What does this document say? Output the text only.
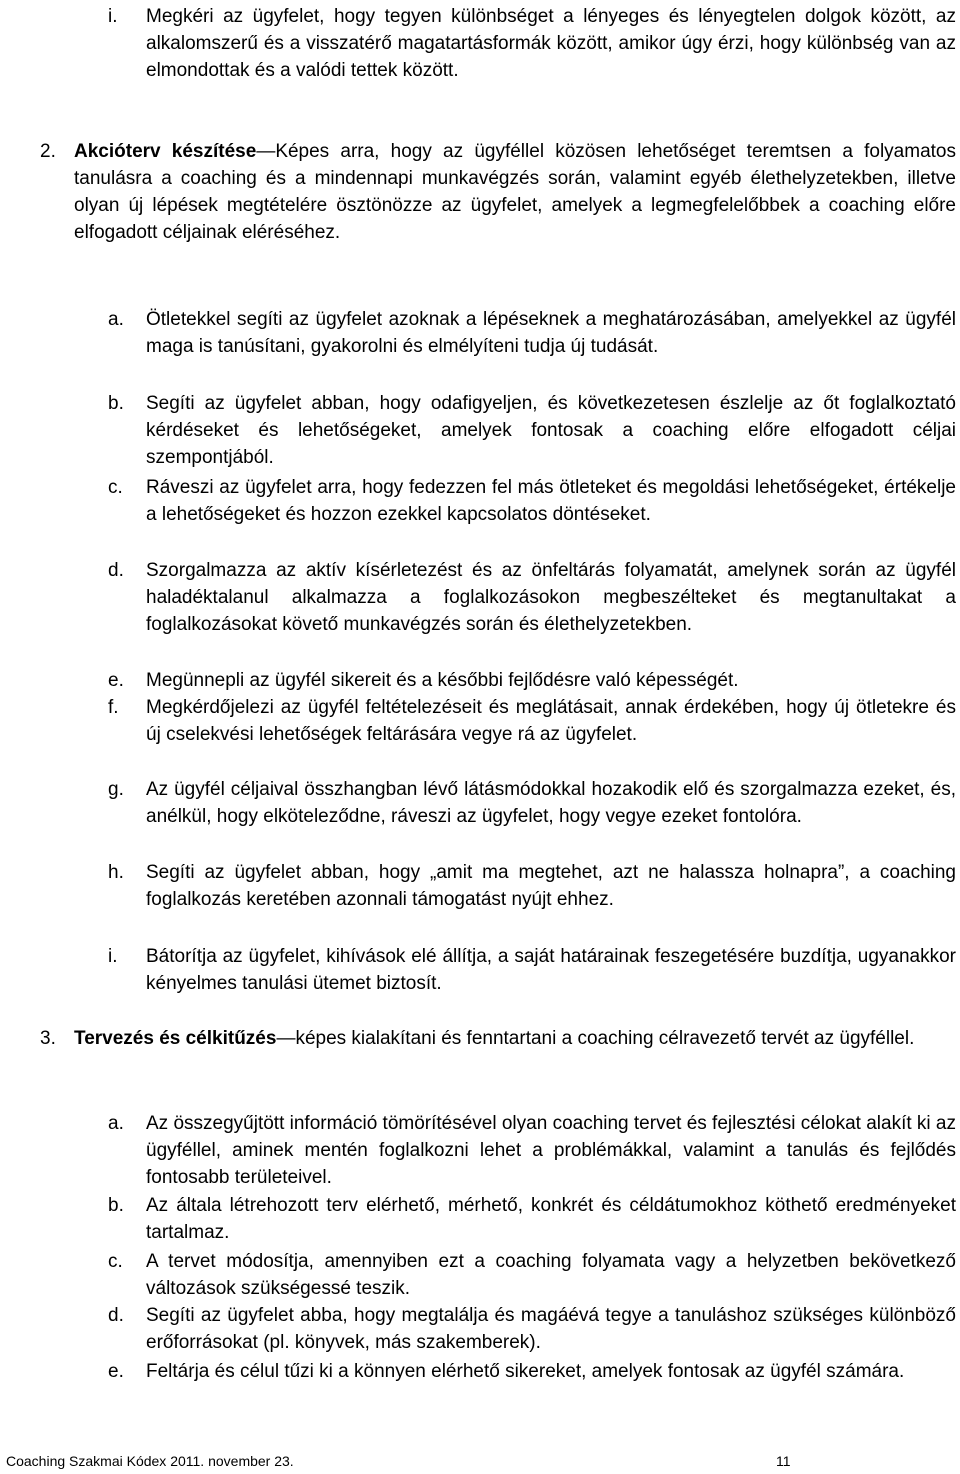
i. Megkéri az ügyfelet, hogy tegyen különbséget a lényeges és lényegtelen dolgok között, az alkalomszerű és a visszatérő magatartásformák között, amikor úgy érzi, hogy különbség van az elmondottak és a valódi tettek között.

2. Akcióterv készítése—Képes arra, hogy az ügyféllel közösen lehetőséget teremtsen a folyamatos tanulásra a coaching és a mindennapi munkavégzés során, valamint egyéb élethelyzetekben, illetve olyan új lépések megtételére ösztönözze az ügyfelet, amelyek a legmegfelelőbbek a coaching előre elfogadott céljainak eléréséhez.

a. Ötletekkel segíti az ügyfelet azoknak a lépéseknek a meghatározásában, amelyekkel az ügyfél maga is tanúsítani, gyakorolni és elmélyíteni tudja új tudását.

b. Segíti az ügyfelet abban, hogy odafigyeljen, és következetesen észlelje az őt foglalkoztató kérdéseket és lehetőségeket, amelyek fontosak a coaching előre elfogadott céljai szempontjából.

c. Ráveszi az ügyfelet arra, hogy fedezzen fel más ötleteket és megoldási lehetőségeket, értékelje a lehetőségeket és hozzon ezekkel kapcsolatos döntéseket.

d. Szorgalmazza az aktív kísérletezést és az önfeltárás folyamatát, amelynek során az ügyfél haladéktalanul alkalmazza a foglalkozásokon megbeszélteket és megtanultakat a foglalkozásokat követő munkavégzés során és élethelyzetekben.

e. Megünnepli az ügyfél sikereit és a későbbi fejlődésre való képességét.

f. Megkérdőjelezi az ügyfél feltételezéseit és meglátásait, annak érdekében, hogy új ötletekre és új cselekvési lehetőségek feltárására vegye rá az ügyfelet.

g. Az ügyfél céljaival összhangban lévő látásmódokkal hozakodik elő és szorgalmazza ezeket, és, anélkül, hogy elköteleződne, ráveszi az ügyfelet, hogy vegye ezeket fontolóra.

h. Segíti az ügyfelet abban, hogy „amit ma megtehet, azt ne halassza holnapra”, a coaching foglalkozás keretében azonnali támogatást nyújt ehhez.

i. Bátorítja az ügyfelet, kihívások elé állítja, a saját határainak feszegetésére buzdítja, ugyanakkor kényelmes tanulási ütemet biztosít.

3. Tervezés és célkitűzés—képes kialakítani és fenntartani a coaching célravezető tervét az ügyféllel.

a. Az összegyűjtött információ tömörítésével olyan coaching tervet és fejlesztési célokat alakít ki az ügyféllel, aminek mentén foglalkozni lehet a problémákkal, valamint a tanulás és fejlődés fontosabb területeivel.

b. Az általa létrehozott terv elérhető, mérhető, konkrét és céldátumokhoz köthető eredményeket tartalmaz.

c. A tervet módosítja, amennyiben ezt a coaching folyamata vagy a helyzetben bekövetkező változások szükségessé teszik.

d. Segíti az ügyfelet abba, hogy megtalálja és magáévá tegye a tanuláshoz szükséges különböző erőforrásokat (pl. könyvek, más szakemberek).

e. Feltárja és célul tűzi ki a könnyen elérhető sikereket, amelyek fontosak az ügyfél számára.

Coaching Szakmai Kódex 2011. november 23.	11
